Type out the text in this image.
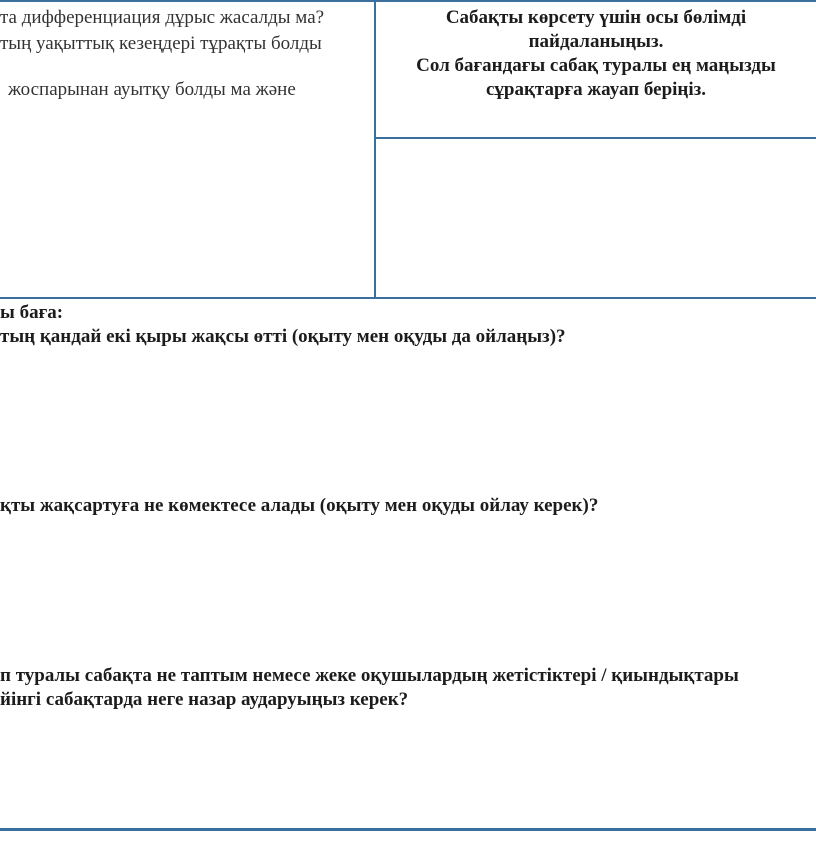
та дифференциация дұрыс жасалды ма?
тың уақыттық кезеңдері тұрақты болды
жоспарынан ауытқу болды ма және
Сабақты көрсету үшін осы бөлімді
пайдаланыңыз.
Сол бағандағы сабақ туралы ең маңызды
сұрақтарға жауап беріңіз.
ы баға:
тың қандай екі қыры жақсы өтті (оқыту мен оқуды да ойлаңыз)?
қты жақсартуға не көмектесе алады (оқыту мен оқуды ойлау керек)?
п туралы сабақта не таптым немесе жеке оқушылардың жетістіктері / қиындықтары
йінгі сабақтарда неге назар аударуыңыз керек?
